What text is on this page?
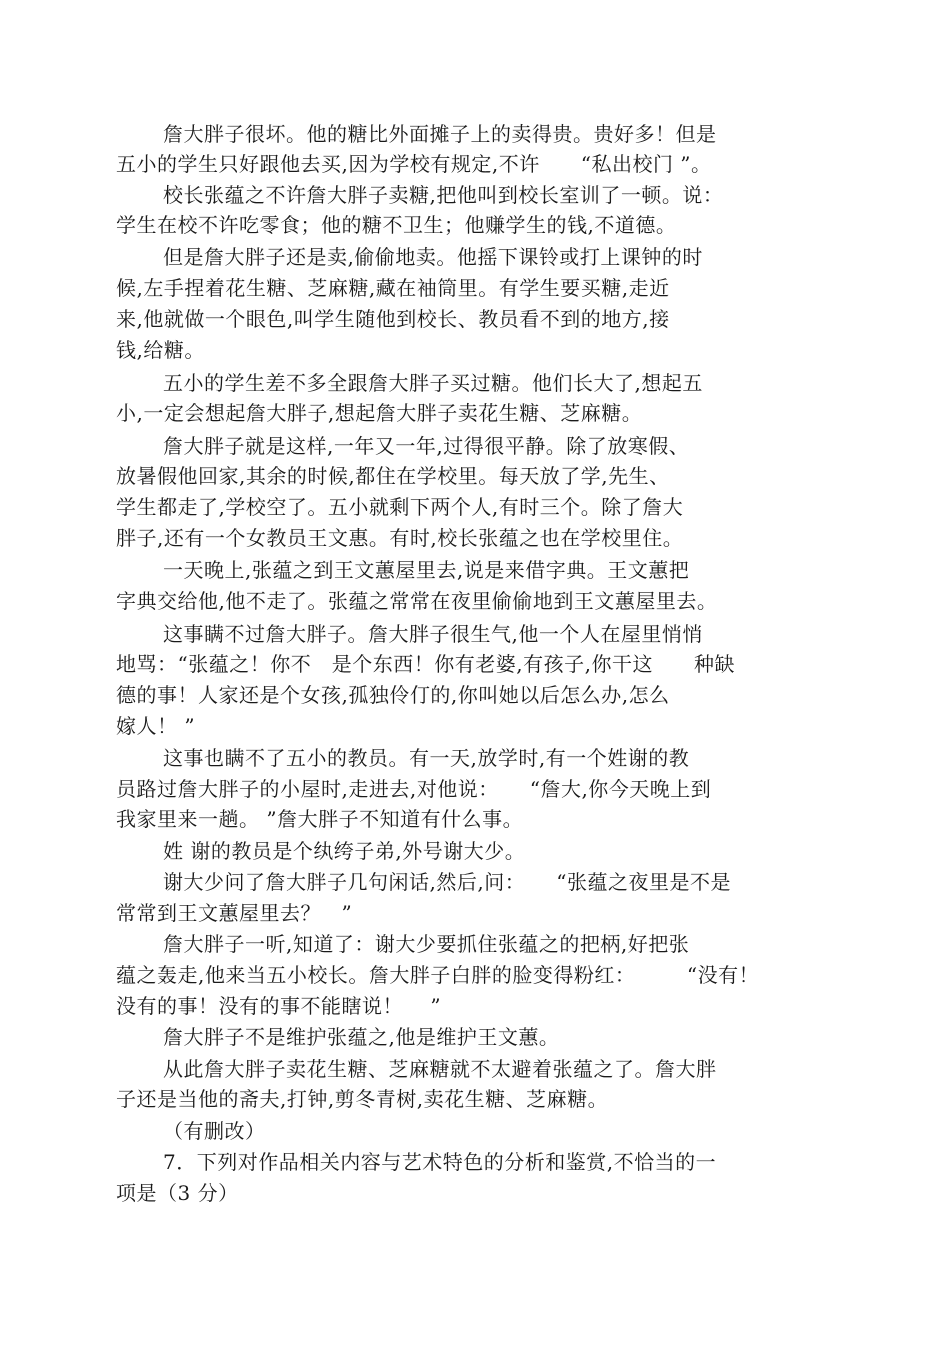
詹大胖子很坏。他的糖比外面摊子上的卖得贵。贵好多！但是
五小的学生只好跟他去买,因为学校有规定,不许　　“私出校门 ”。
校长张蕴之不许詹大胖子卖糖,把他叫到校长室训了一顿。说：
学生在校不许吃零食；他的糖不卫生；他赚学生的钱,不道德。
但是詹大胖子还是卖,偷偷地卖。他摇下课铃或打上课钟的时
候,左手捏着花生糖、芝麻糖,藏在袖筒里。有学生要买糖,走近
来,他就做一个眼色,叫学生随他到校长、教员看不到的地方,接
钱,给糖。
五小的学生差不多全跟詹大胖子买过糖。他们长大了,想起五
小,一定会想起詹大胖子,想起詹大胖子卖花生糖、芝麻糖。
詹大胖子就是这样,一年又一年,过得很平静。除了放寒假、
放暑假他回家,其余的时候,都住在学校里。每天放了学,先生、
学生都走了,学校空了。五小就剩下两个人,有时三个。除了詹大
胖子,还有一个女教员王文惠。有时,校长张蕴之也在学校里住。
一天晚上,张蕴之到王文蕙屋里去,说是来借字典。王文蕙把
字典交给他,他不走了。张蕴之常常在夜里偷偷地到王文蕙屋里去。
这事瞒不过詹大胖子。詹大胖子很生气,他一个人在屋里悄悄
地骂：“张蕴之！你不　是个东西！你有老婆,有孩子,你干这　　种缺
德的事！人家还是个女孩,孤独伶仃的,你叫她以后怎么办,怎么
嫁人！ ”
这事也瞒不了五小的教员。有一天,放学时,有一个姓谢的教
员路过詹大胖子的小屋时,走进去,对他说：　　“詹大,你今天晚上到
我家里来一趟。 ”詹大胖子不知道有什么事。
姓 谢的教员是个纨绔子弟,外号谢大少。
谢大少问了詹大胖子几句闲话,然后,问：　　“张蕴之夜里是不是
常常到王文蕙屋里去？　”
詹大胖子一听,知道了：谢大少要抓住张蕴之的把柄,好把张
蕴之轰走,他来当五小校长。詹大胖子白胖的脸变得粉红：　　　“没有！
没有的事！没有的事不能瞎说！　 ”
詹大胖子不是维护张蕴之,他是维护王文蕙。
从此詹大胖子卖花生糖、芝麻糖就不太避着张蕴之了。詹大胖
子还是当他的斋夫,打钟,剪冬青树,卖花生糖、芝麻糖。
（有删改）
7．下列对作品相关内容与艺术特色的分析和鉴赏,不恰当的一
项是（3 分）
